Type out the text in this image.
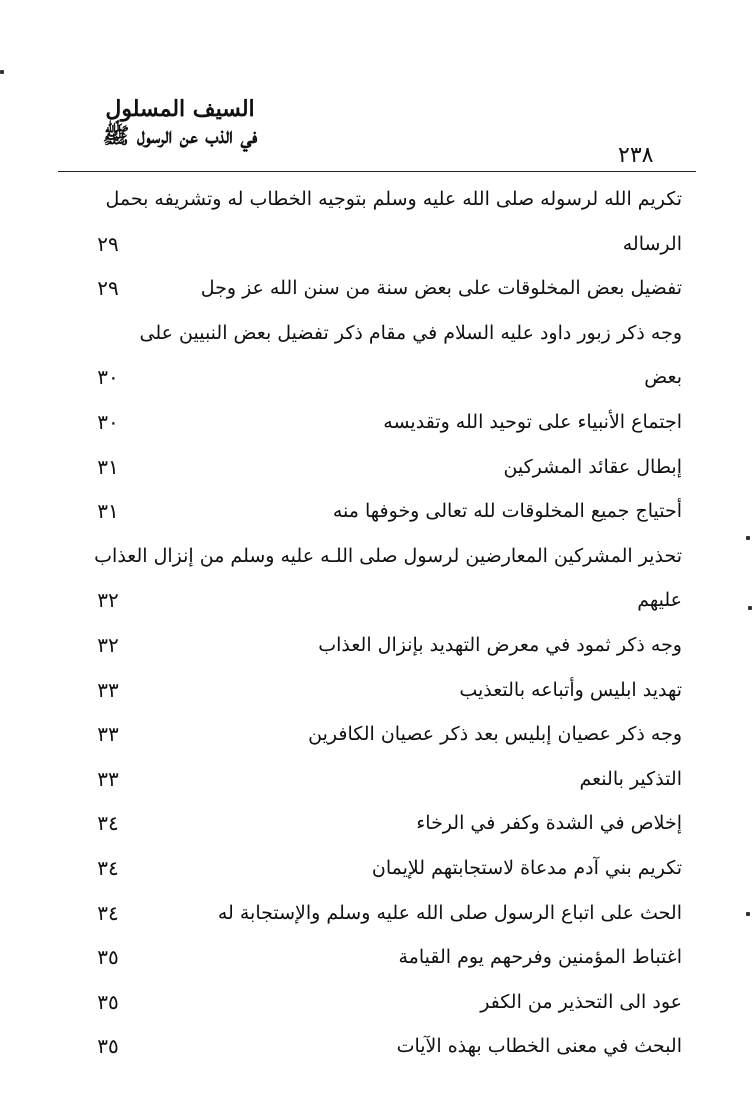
السيف المسلول
في الذب عن الرسول ﷺ
٢٣٨
تكريم الله لرسوله صلى الله عليه وسلم بتوجيه الخطاب له وتشريفه بحمل
الرساله
٢٩
تفضيل بعض المخلوقات على بعض سنة من سنن الله عز وجل
٢٩
وجه ذكر زبور داود عليه السلام في مقام ذكر تفضيل بعض النبيين على
بعض
٣٠
اجتماع الأنبياء على توحيد الله وتقديسه
٣٠
إبطال عقائد المشركين
٣١
أحتياج جميع المخلوقات لله تعالى وخوفها منه
٣١
تحذير المشركين المعارضين لرسول صلى اللـه عليه وسلم من إنزال العذاب
عليهم
٣٢
وجه ذكر ثمود في معرض التهديد بإنزال العذاب
٣٢
تهديد ابليس وأتباعه بالتعذيب
٣٣
وجه ذكر عصيان إبليس بعد ذكر عصيان الكافرين
٣٣
التذكير بالنعم
٣٣
إخلاص في الشدة وكفر في الرخاء
٣٤
تكريم بني آدم مدعاة لاستجابتهم للإيمان
٣٤
الحث على اتباع الرسول صلى الله عليه وسلم والإستجابة له
٣٤
اغتباط المؤمنين وفرحهم يوم القيامة
٣٥
عود الى التحذير من الكفر
٣٥
البحث في معنى الخطاب بهذه الآيات
٣٥
